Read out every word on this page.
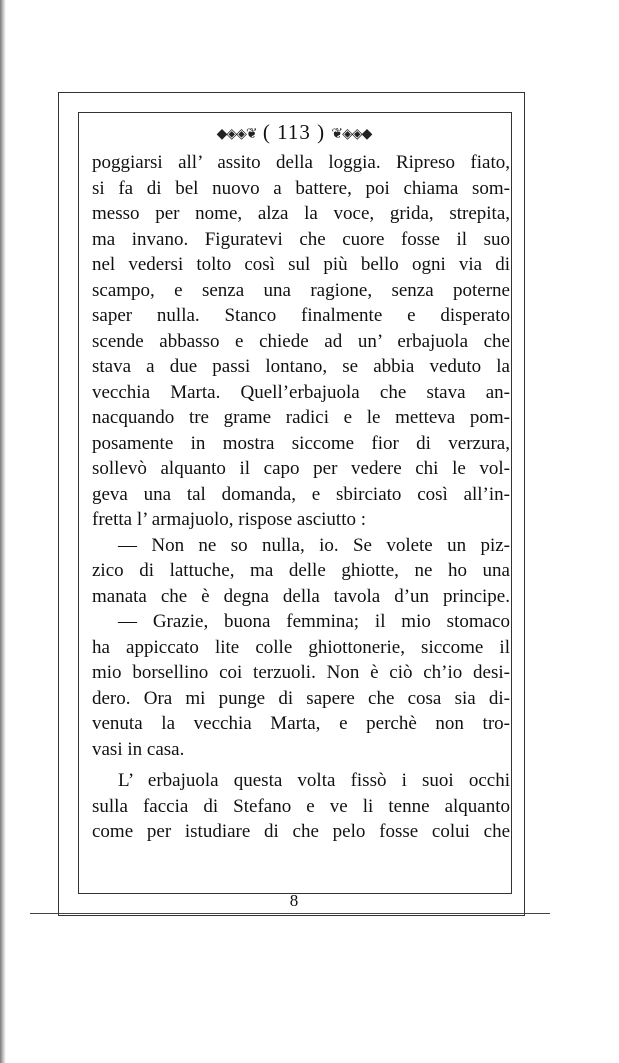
◆◈◈❦ ( 113 ) ❦◈◈◆
poggiarsi all’ assito della loggia. Ripreso fiato,
si fa di bel nuovo a battere, poi chiama som-
messo per nome, alza la voce, grida, strepita,
ma invano. Figuratevi che cuore fosse il suo
nel vedersi tolto così sul più bello ogni via di
scampo, e senza una ragione, senza poterne
saper nulla. Stanco finalmente e disperato
scende abbasso e chiede ad un’ erbajuola che
stava a due passi lontano, se abbia veduto la
vecchia Marta. Quell’erbajuola che stava an-
nacquando tre grame radici e le metteva pom-
posamente in mostra siccome fior di verzura,
sollevò alquanto il capo per vedere chi le vol-
geva una tal domanda, e sbirciato così all’in-
fretta l’ armajuolo, rispose asciutto :
— Non ne so nulla, io. Se volete un piz-
zico di lattuche, ma delle ghiotte, ne ho una
manata che è degna della tavola d’un principe.
— Grazie, buona femmina; il mio stomaco
ha appiccato lite colle ghiottonerie, siccome il
mio borsellino coi terzuoli. Non è ciò ch’io desi-
dero. Ora mi punge di sapere che cosa sia di-
venuta la vecchia Marta, e perchè non tro-
vasi in casa.
L’ erbajuola questa volta fissò i suoi occhi
sulla faccia di Stefano e ve li tenne alquanto
come per istudiare di che pelo fosse colui che
8
